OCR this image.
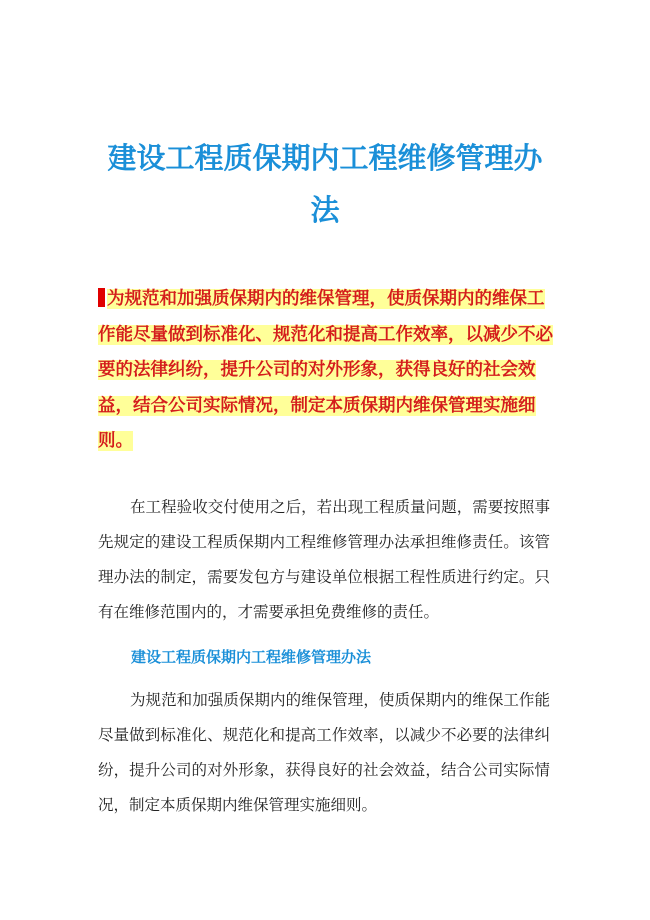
建设工程质保期内工程维修管理办法

为规范和加强质保期内的维保管理，使质保期内的维保工作能尽量做到标准化、规范化和提高工作效率，以减少不必要的法律纠纷，提升公司的对外形象，获得良好的社会效益，结合公司实际情况，制定本质保期内维保管理实施细则。

在工程验收交付使用之后，若出现工程质量问题，需要按照事先规定的建设工程质保期内工程维修管理办法承担维修责任。该管理办法的制定，需要发包方与建设单位根据工程性质进行约定。只有在维修范围内的，才需要承担免费维修的责任。

建设工程质保期内工程维修管理办法

为规范和加强质保期内的维保管理，使质保期内的维保工作能尽量做到标准化、规范化和提高工作效率，以减少不必要的法律纠纷，提升公司的对外形象，获得良好的社会效益，结合公司实际情况，制定本质保期内维保管理实施细则。
